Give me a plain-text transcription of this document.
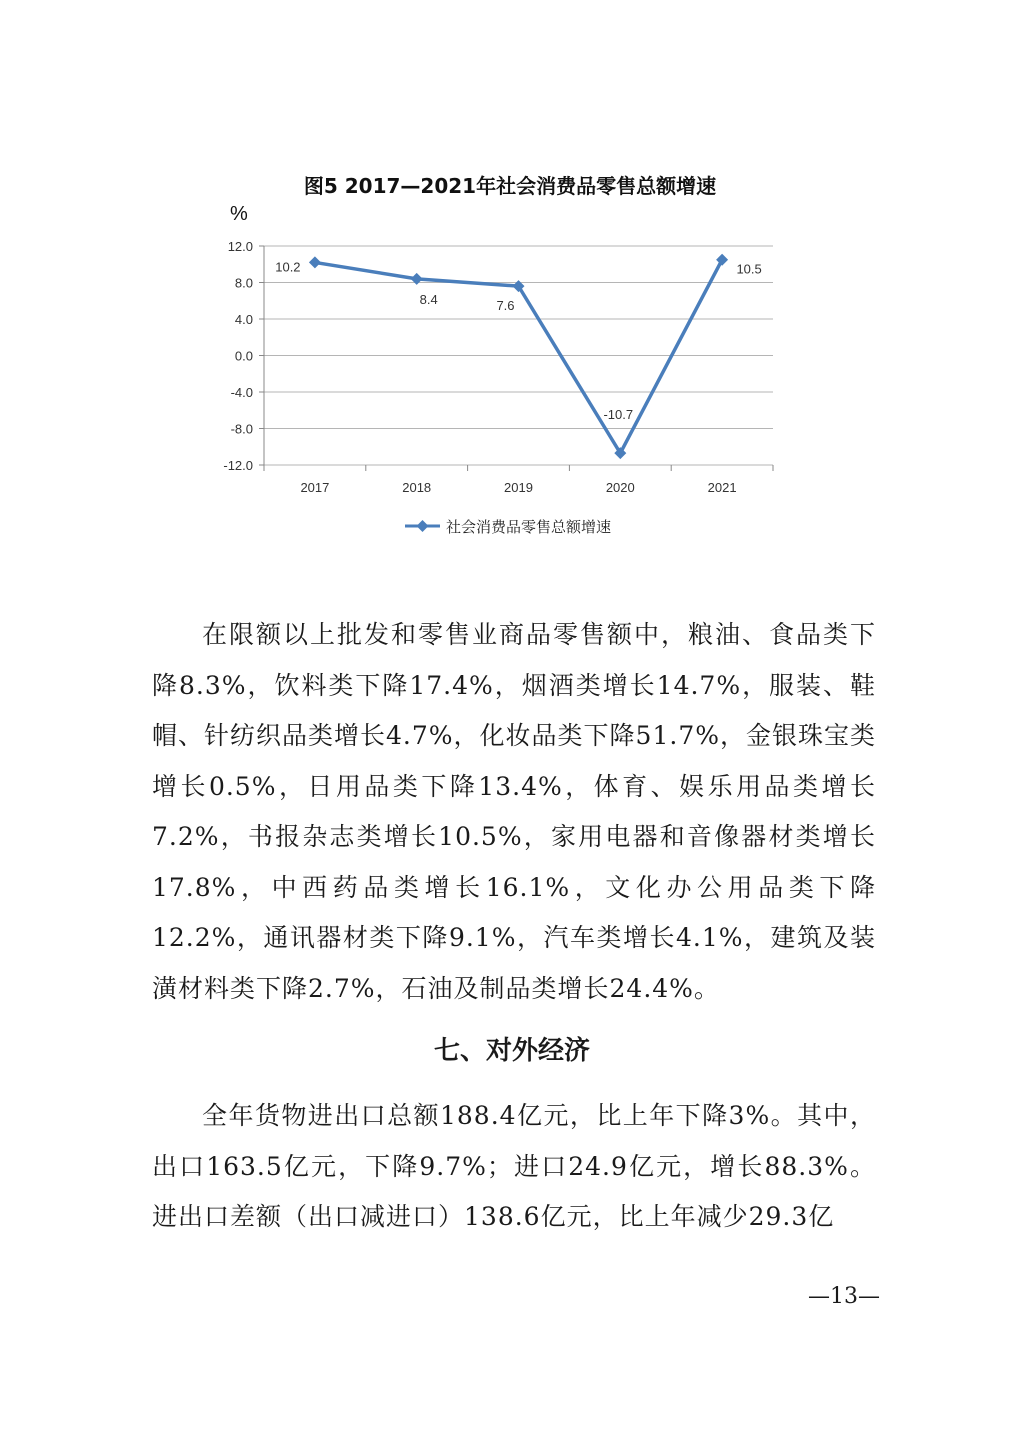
图5 2017—2021年社会消费品零售总额增速
%
12.0
8.0
4.0
0.0
-4.0
-8.0
-12.0
2017	2018	2019	2020	2021
10.2
8.4	7.6
-10.7
10.5
社会消费品零售总额增速

在限额以上批发和零售业商品零售额中，粮油、食品类下降8.3%，饮料类下降17.4%，烟酒类增长14.7%，服装、鞋帽、针纺织品类增长4.7%，化妆品类下降51.7%，金银珠宝类增长0.5%，日用品类下降13.4%，体育、娱乐用品类增长7.2%，书报杂志类增长10.5%，家用电器和音像器材类增长17.8%，中西药品类增长16.1%，文化办公用品类下降12.2%，通讯器材类下降9.1%，汽车类增长4.1%，建筑及装潢材料类下降2.7%，石油及制品类增长24.4%。

七、对外经济

全年货物进出口总额188.4亿元，比上年下降3%。其中，出口163.5亿元，下降9.7%；进口24.9亿元，增长88.3%。进出口差额（出口减进口）138.6亿元，比上年减少29.3亿

—13—
